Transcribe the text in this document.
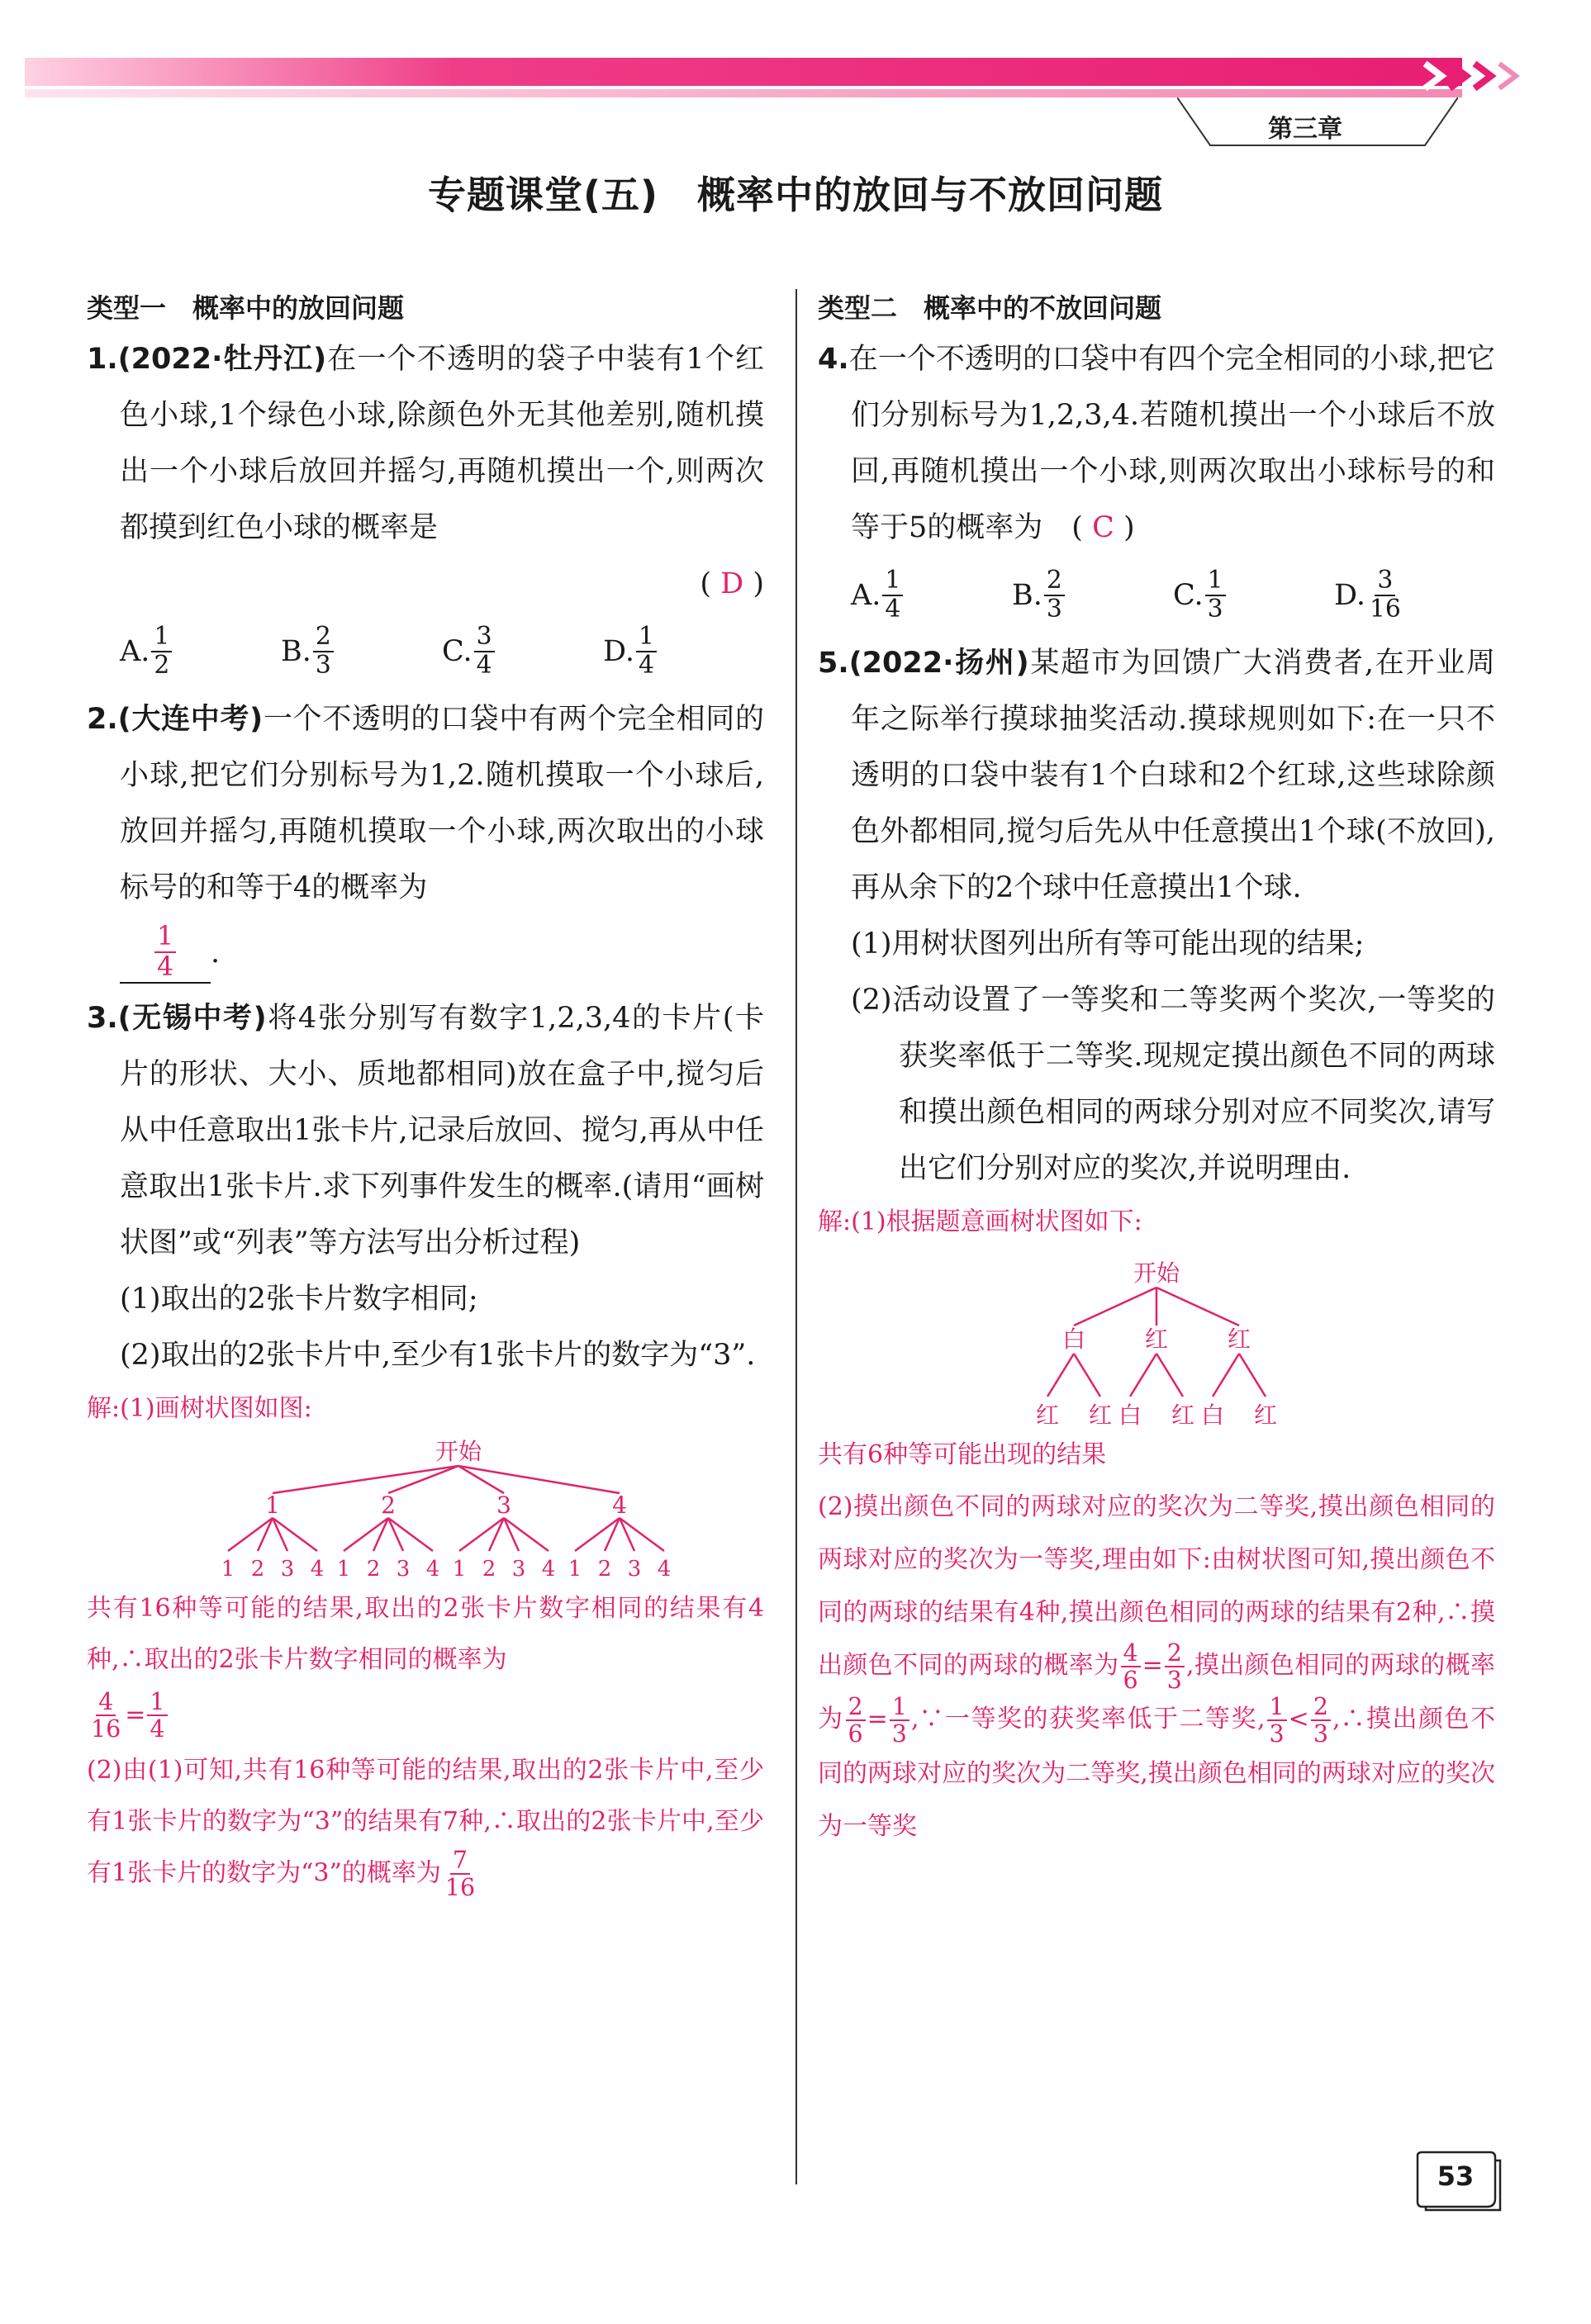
第三章
专题课堂(五)　概率中的放回与不放回问题
类型一　概率中的放回问题
1.(2022·牡丹江)在一个不透明的袋子中装有1个红色小球,1个绿色小球,除颜色外无其他差别,随机摸出一个小球后放回并摇匀,再随机摸出一个,则两次都摸到红色小球的概率是
( D )
A. $\frac{1}{2}$	B. $\frac{2}{3}$	C. $\frac{3}{4}$	D. $\frac{1}{4}$
2.(大连中考)一个不透明的口袋中有两个完全相同的小球,把它们分别标号为1,2.随机摸取一个小球后,放回并摇匀,再随机摸取一个小球,两次取出的小球标号的和等于4的概率为
$\frac{1}{4}$ .
3.(无锡中考)将4张分别写有数字1,2,3,4的卡片(卡片的形状、大小、质地都相同)放在盒子中,搅匀后从中任意取出1张卡片,记录后放回、搅匀,再从中任意取出1张卡片.求下列事件发生的概率.(请用“画树状图”或“列表”等方法写出分析过程)
(1)取出的2张卡片数字相同;
(2)取出的2张卡片中,至少有1张卡片的数字为“3”.
解:(1)画树状图如图:
开始
1
1 2 3 4
2
1 2 3 4
3
1 2 3 4
4
1 2 3 4
共有16种等可能的结果,取出的2张卡片数字相同的结果有4种,∴取出的2张卡片数字相同的概率为
$\frac{4}{16} = \frac{1}{4}$
(2)由(1)可知,共有16种等可能的结果,取出的2张卡片中,至少有1张卡片的数字为“3”的结果有7种,∴取出的2张卡片中,至少有1张卡片的数字为“3”的概率为 $\frac{7}{16}$
类型二　概率中的不放回问题
4.在一个不透明的口袋中有四个完全相同的小球,把它们分别标号为1,2,3,4.若随机摸出一个小球后不放回,再随机摸出一个小球,则两次取出小球标号的和等于5的概率为　( C )
A. $\frac{1}{4}$	B. $\frac{2}{3}$	C. $\frac{1}{3}$	D. $\frac{3}{16}$
5.(2022·扬州)某超市为回馈广大消费者,在开业周年之际举行摸球抽奖活动.摸球规则如下:在一只不透明的口袋中装有1个白球和2个红球,这些球除颜色外都相同,搅匀后先从中任意摸出1个球(不放回),再从余下的2个球中任意摸出1个球.
(1)用树状图列出所有等可能出现的结果;
(2)活动设置了一等奖和二等奖两个奖次,一等奖的获奖率低于二等奖.现规定摸出颜色不同的两球和摸出颜色相同的两球分别对应不同奖次,请写出它们分别对应的奖次,并说明理由.
解:(1)根据题意画树状图如下:
开始
白
红 红
红
白 红
红
白 红
共有6种等可能出现的结果
(2)摸出颜色不同的两球对应的奖次为二等奖,摸出颜色相同的两球对应的奖次为一等奖,理由如下:由树状图可知,摸出颜色不同的两球的结果有4种,摸出颜色相同的两球的结果有2种,∴摸出颜色不同的两球的概率为 $\frac{4}{6} = \frac{2}{3}$ ,摸出颜色相同的两球的概率为 $\frac{2}{6} = \frac{1}{3}$ ,∵一等奖的获奖率低于二等奖, $\frac{1}{3} < \frac{2}{3}$ ,∴摸出颜色不同的两球对应的奖次为二等奖,摸出颜色相同的两球对应的奖次为一等奖
53
